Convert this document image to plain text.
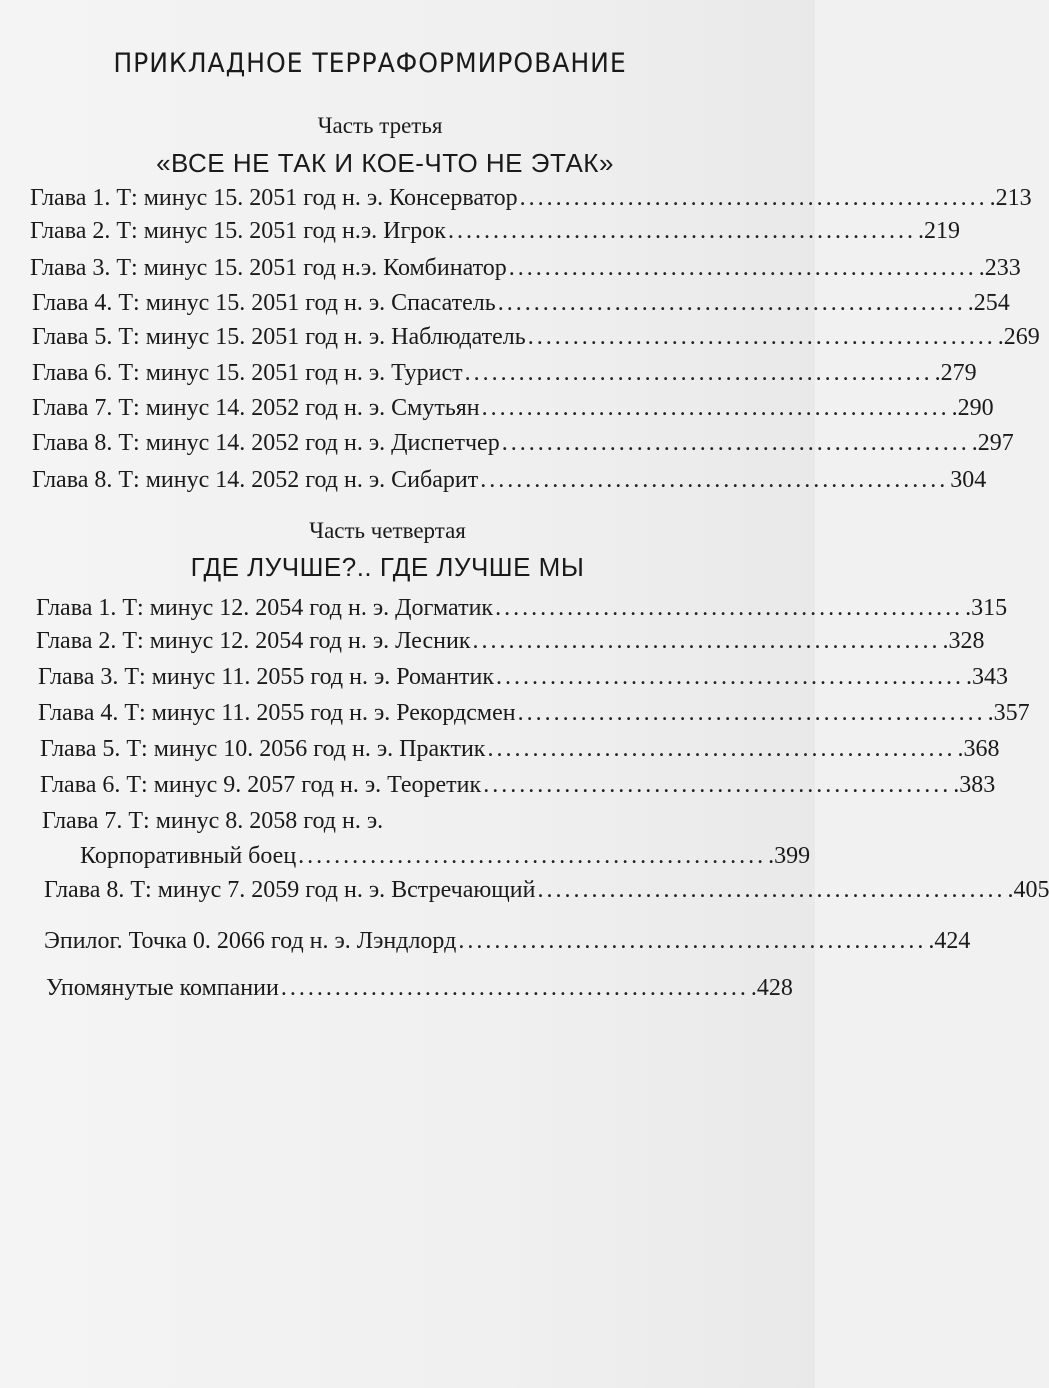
ПРИКЛАДНОЕ ТЕРРАФОРМИРОВАНИЕ
Часть третья
«ВСЕ НЕ ТАК И КОЕ-ЧТО НЕ ЭТАК»
Глава 1. Т: минус 15. 2051 год н. э. Консерватор .................................................... .213
Глава 2. Т: минус 15. 2051 год н.э. Игрок .................................................... .219
Глава 3. Т: минус 15. 2051 год н.э. Комбинатор .................................................... .233
Глава 4. Т: минус 15. 2051 год н. э. Спасатель .................................................... .254
Глава 5. Т: минус 15. 2051 год н. э. Наблюдатель .................................................... .269
Глава 6. Т: минус 15. 2051 год н. э. Турист .................................................... .279
Глава 7. Т: минус 14. 2052 год н. э. Смутьян .................................................... .290
Глава 8. Т: минус 14. 2052 год н. э. Диспетчер .................................................... .297
Глава 8. Т: минус 14. 2052 год н. э. Сибарит .................................................... 304
Часть четвертая
ГДЕ ЛУЧШЕ?.. ГДЕ ЛУЧШЕ МЫ
Глава 1. Т: минус 12. 2054 год н. э. Догматик .................................................... .315
Глава 2. Т: минус 12. 2054 год н. э. Лесник .................................................... .328
Глава 3. Т: минус 11. 2055 год н. э. Романтик .................................................... .343
Глава 4. Т: минус 11. 2055 год н. э. Рекордсмен .................................................... .357
Глава 5. Т: минус 10. 2056 год н. э. Практик .................................................... .368
Глава 6. Т: минус 9. 2057 год н. э. Теоретик .................................................... .383
Глава 7. Т: минус 8. 2058 год н. э.
Корпоративный боец .................................................... .399
Глава 8. Т: минус 7. 2059 год н. э. Встречающий .................................................... .405
Эпилог. Точка 0. 2066 год н. э. Лэндлорд .................................................... .424
Упомянутые компании .................................................... .428
